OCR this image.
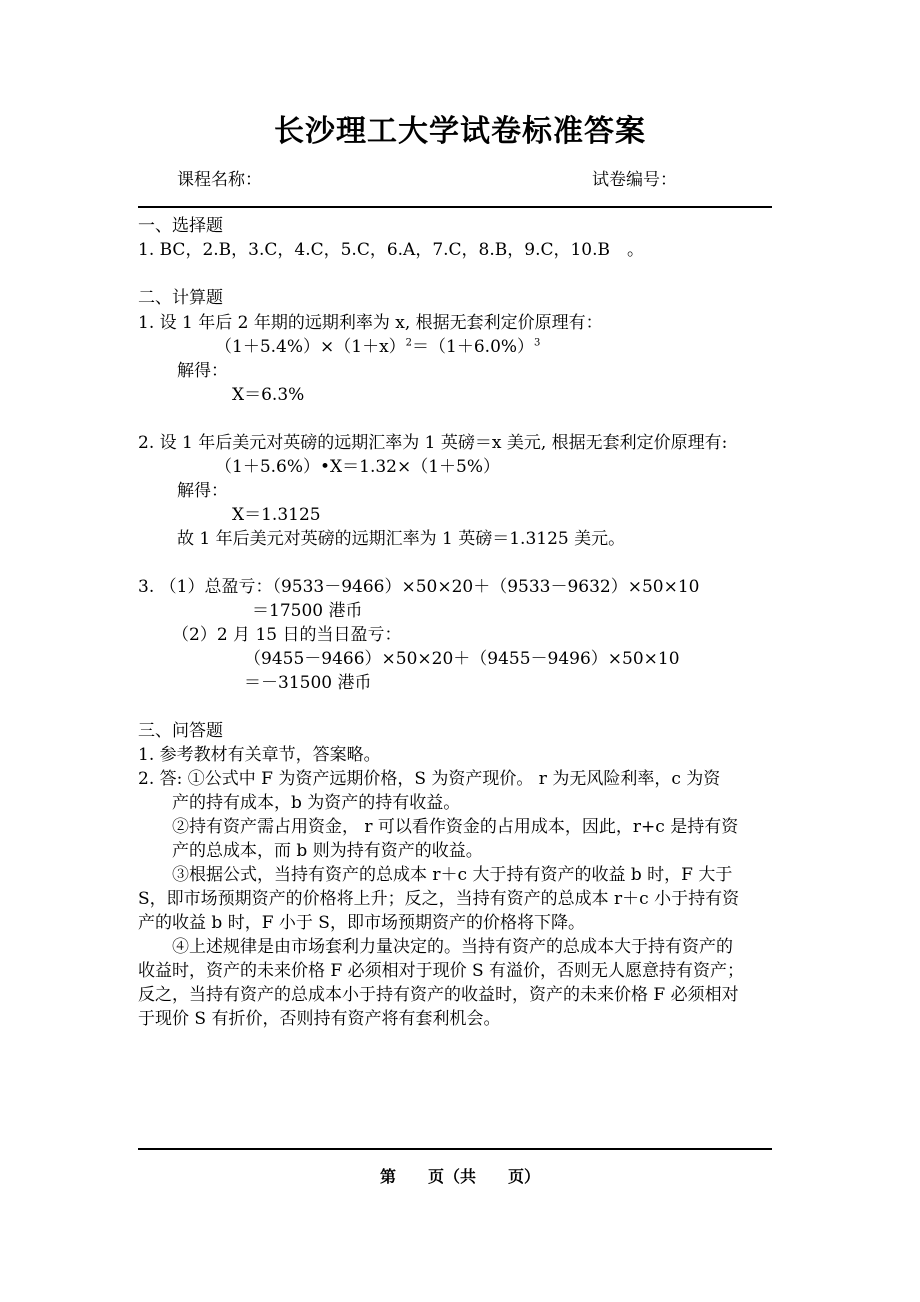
长沙理工大学试卷标准答案
课程名称：	试卷编号：
一、选择题
1. BC，2.B，3.C，4.C，5.C，6.A，7.C，8.B，9.C，10.B　。
二、计算题
1. 设 1 年后 2 年期的远期利率为 x, 根据无套利定价原理有：
$(1+5.4\%)\times(1+x)^2=(1+6.0\%)^3$
解得：
X＝6.3%
2. 设 1 年后美元对英磅的远期汇率为 1 英磅＝x 美元, 根据无套利定价原理有:
（1＋5.6%）•X＝1.32×（1＋5%）
解得：
X＝1.3125
故 1 年后美元对英磅的远期汇率为 1 英磅＝1.3125 美元。
3. （1）总盈亏：（9533－9466）×50×20＋（9533－9632）×50×10
＝17500 港币
（2）2 月 15 日的当日盈亏：
（9455－9466）×50×20＋（9455－9496）×50×10
＝－31500 港币
三、问答题
1. 参考教材有关章节，答案略。
2. 答: ①公式中 F 为资产远期价格，S 为资产现价。 r 为无风险利率，c 为资
产的持有成本，b 为资产的持有收益。
②持有资产需占用资金， r 可以看作资金的占用成本，因此，r+c 是持有资
产的总成本，而 b 则为持有资产的收益。
③根据公式，当持有资产的总成本 r＋c 大于持有资产的收益 b 时，F 大于
S，即市场预期资产的价格将上升；反之，当持有资产的总成本 r＋c 小于持有资
产的收益 b 时，F 小于 S，即市场预期资产的价格将下降。
④上述规律是由市场套利力量决定的。当持有资产的总成本大于持有资产的
收益时，资产的未来价格 F 必须相对于现价 S 有溢价，否则无人愿意持有资产；
反之，当持有资产的总成本小于持有资产的收益时，资产的未来价格 F 必须相对
于现价 S 有折价，否则持有资产将有套利机会。
第　　页（共　　页）
